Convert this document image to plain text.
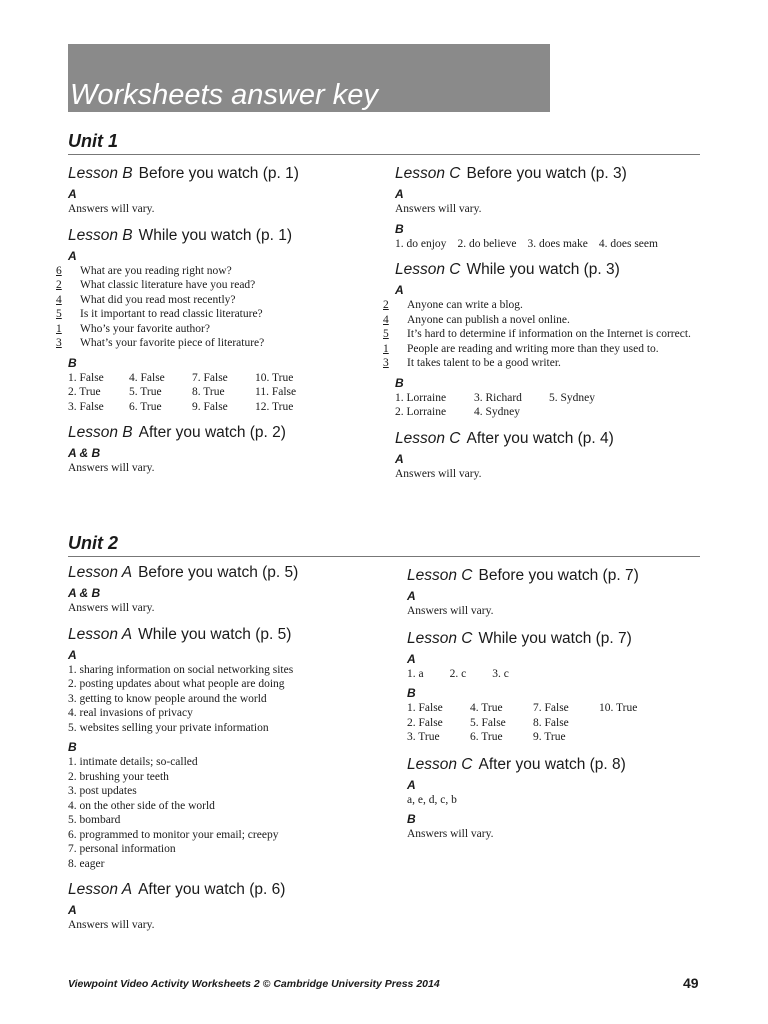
Worksheets answer key
Unit 1
Lesson B Before you watch (p. 1)
A
Answers will vary.
Lesson B While you watch (p. 1)
A
6 What are you reading right now?
2 What classic literature have you read?
4 What did you read most recently?
5 Is it important to read classic literature?
1 Who’s your favorite author?
3 What’s your favorite piece of literature?
B
1. False	4. False	7. False	10. True
2. True	5. True	8. True	11. False
3. False	6. True	9. False	12. True
Lesson B After you watch (p. 2)
A & B
Answers will vary.
Lesson C Before you watch (p. 3)
A
Answers will vary.
B
1. do enjoy 2. do believe 3. does make 4. does seem
Lesson C While you watch (p. 3)
A
2 Anyone can write a blog.
4 Anyone can publish a novel online.
5 It’s hard to determine if information on the Internet is correct.
1 People are reading and writing more than they used to.
3 It takes talent to be a good writer.
B
1. Lorraine	3. Richard	5. Sydney
2. Lorraine	4. Sydney
Lesson C After you watch (p. 4)
A
Answers will vary.
Unit 2
Lesson A Before you watch (p. 5)
A & B
Answers will vary.
Lesson A While you watch (p. 5)
A
1. sharing information on social networking sites
2. posting updates about what people are doing
3. getting to know people around the world
4. real invasions of privacy
5. websites selling your private information
B
1. intimate details; so-called
2. brushing your teeth
3. post updates
4. on the other side of the world
5. bombard
6. programmed to monitor your email; creepy
7. personal information
8. eager
Lesson A After you watch (p. 6)
A
Answers will vary.
Lesson C Before you watch (p. 7)
A
Answers will vary.
Lesson C While you watch (p. 7)
A
1. a 2. c 3. c
B
1. False	4. True	7. False	10. True
2. False	5. False	8. False
3. True	6. True	9. True
Lesson C After you watch (p. 8)
A
a, e, d, c, b
B
Answers will vary.
Viewpoint Video Activity Worksheets 2 © Cambridge University Press 2014	49
